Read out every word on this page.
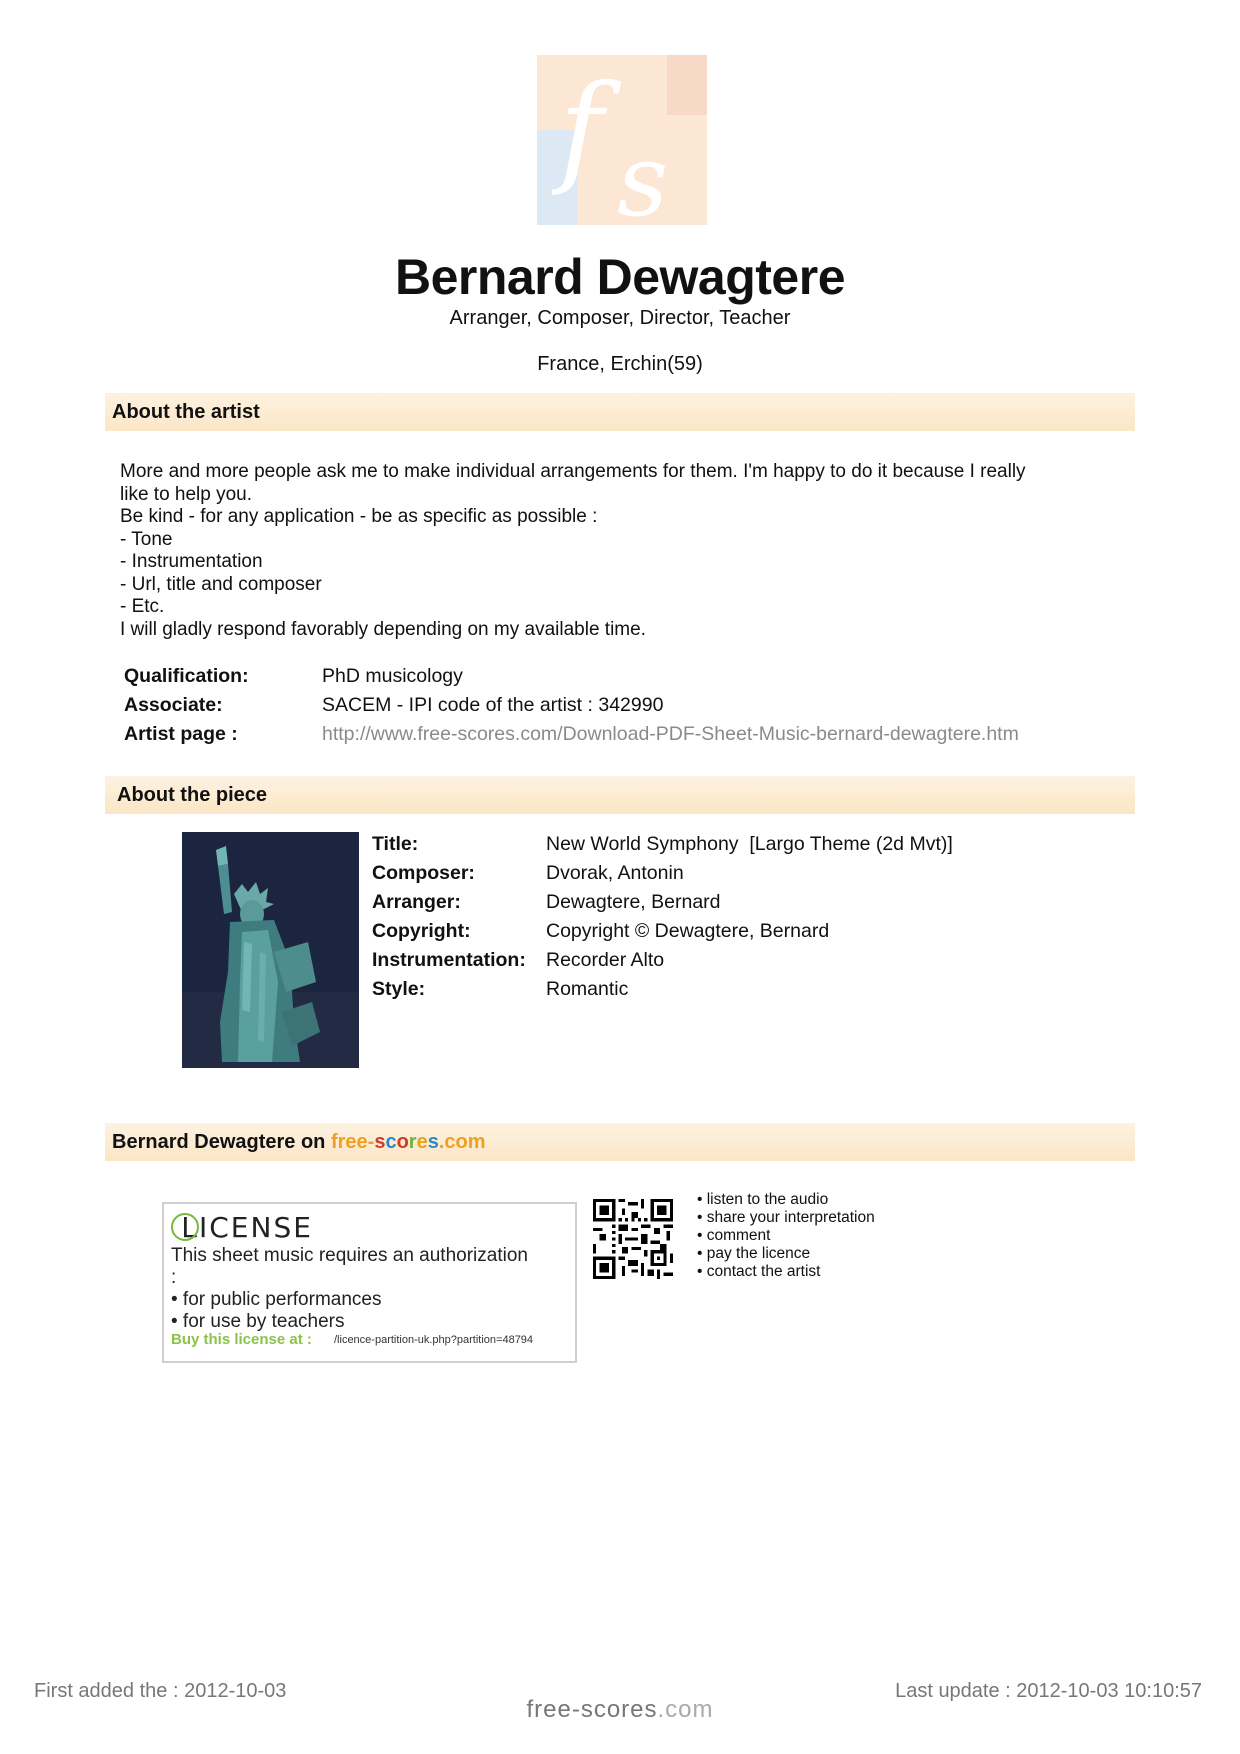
f s
Bernard Dewagtere
Arranger, Composer, Director, Teacher
France, Erchin(59)
About the artist
More and more people ask me to make individual arrangements for them. I'm happy to do it because I really
like to help you.
Be kind - for any application - be as specific as possible :
- Tone
- Instrumentation
- Url, title and composer
- Etc.
I will gladly respond favorably depending on my available time.
Qualification:	PhD musicology
Associate:	SACEM - IPI code of the artist : 342990
Artist page :	http://www.free-scores.com/Download-PDF-Sheet-Music-bernard-dewagtere.htm
About the piece
Title:	New World Symphony  [Largo Theme (2d Mvt)]
Composer:	Dvorak, Antonin
Arranger:	Dewagtere, Bernard
Copyright:	Copyright © Dewagtere, Bernard
Instrumentation: Recorder Alto
Style:	Romantic
Bernard Dewagtere on free-scores.com
LICENSE
This sheet music requires an authorization
:
• for public performances
• for use by teachers
Buy this license at : /licence-partition-uk.php?partition=48794
• listen to the audio
• share your interpretation
• comment
• pay the licence
• contact the artist
First added the : 2012-10-03	Last update : 2012-10-03 10:10:57
free-scores.com
